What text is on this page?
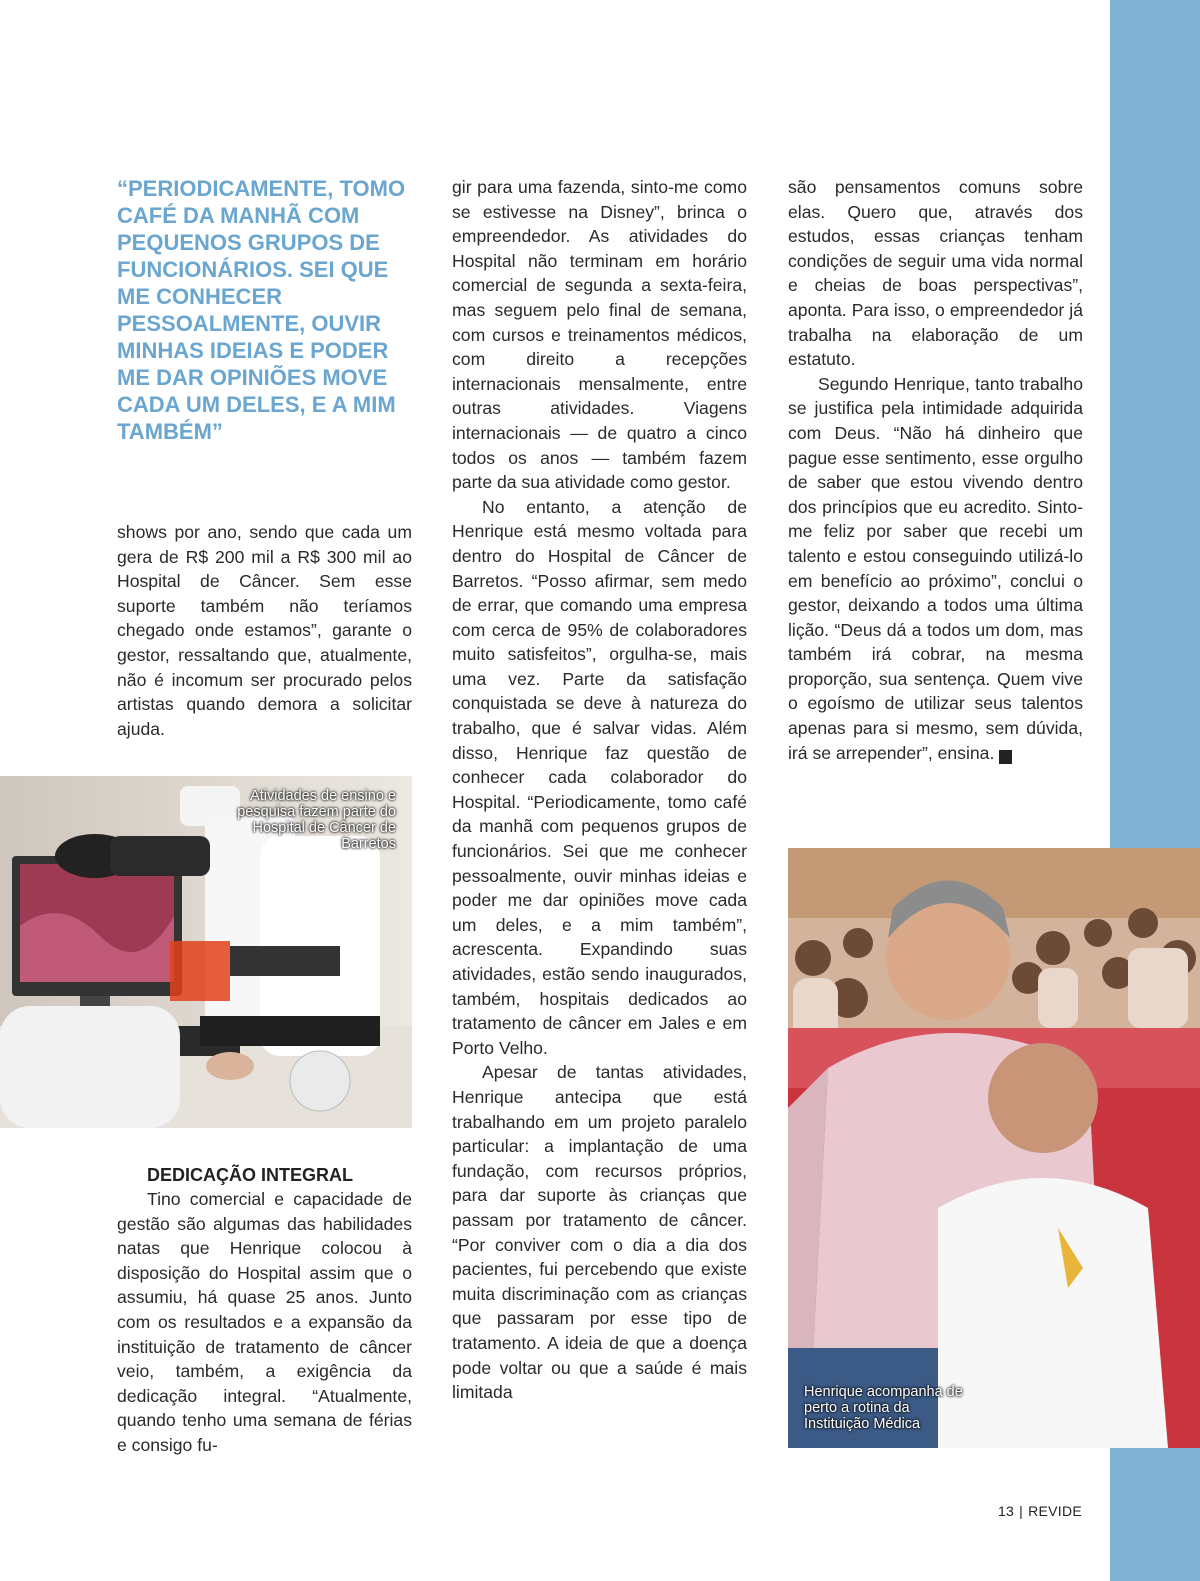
“PERIODICAMENTE, TOMO CAFÉ DA MANHÃ COM PEQUENOS GRUPOS DE FUNCIONÁRIOS. SEI QUE ME CONHECER PESSOALMENTE, OUVIR MINHAS IDEIAS E PODER ME DAR OPINIÕES MOVE CADA UM DELES, E A MIM TAMBÉM”

shows por ano, sendo que cada um gera de R$ 200 mil a R$ 300 mil ao Hospital de Câncer. Sem esse suporte também não teríamos chegado onde estamos”, garante o gestor, ressaltando que, atualmente, não é incomum ser procurado pelos artistas quando demora a solicitar ajuda.

Atividades de ensino e pesquisa fazem parte do Hospital de Câncer de Barretos

DEDICAÇÃO INTEGRAL

Tino comercial e capacidade de gestão são algumas das habilidades natas que Henrique colocou à disposição do Hospital assim que o assumiu, há quase 25 anos. Junto com os resultados e a expansão da instituição de tratamento de câncer veio, também, a exigência da dedicação integral. “Atualmente, quando tenho uma semana de férias e consigo fu-

gir para uma fazenda, sinto-me como se estivesse na Disney”, brinca o empreendedor. As atividades do Hospital não terminam em horário comercial de segunda a sexta-feira, mas seguem pelo final de semana, com cursos e treinamentos médicos, com direito a recepções internacionais mensalmente, entre outras atividades. Viagens internacionais — de quatro a cinco todos os anos — também fazem parte da sua atividade como gestor.

No entanto, a atenção de Henrique está mesmo voltada para dentro do Hospital de Câncer de Barretos. “Posso afirmar, sem medo de errar, que comando uma empresa com cerca de 95% de colaboradores muito satisfeitos”, orgulha-se, mais uma vez. Parte da satisfação conquistada se deve à natureza do trabalho, que é salvar vidas. Além disso, Henrique faz questão de conhecer cada colaborador do Hospital. “Periodicamente, tomo café da manhã com pequenos grupos de funcionários. Sei que me conhecer pessoalmente, ouvir minhas ideias e poder me dar opiniões move cada um deles, e a mim também”, acrescenta. Expandindo suas atividades, estão sendo inaugurados, também, hospitais dedicados ao tratamento de câncer em Jales e em Porto Velho.

Apesar de tantas atividades, Henrique antecipa que está trabalhando em um projeto paralelo particular: a implantação de uma fundação, com recursos próprios, para dar suporte às crianças que passam por tratamento de câncer. “Por conviver com o dia a dia dos pacientes, fui percebendo que existe muita discriminação com as crianças que passaram por esse tipo de tratamento. A ideia de que a doença pode voltar ou que a saúde é mais limitada

são pensamentos comuns sobre elas. Quero que, através dos estudos, essas crianças tenham condições de seguir uma vida normal e cheias de boas perspectivas”, aponta. Para isso, o empreendedor já trabalha na elaboração de um estatuto.

Segundo Henrique, tanto trabalho se justifica pela intimidade adquirida com Deus. “Não há dinheiro que pague esse sentimento, esse orgulho de saber que estou vivendo dentro dos princípios que eu acredito. Sinto-me feliz por saber que recebi um talento e estou conseguindo utilizá-lo em benefício ao próximo”, conclui o gestor, deixando a todos uma última lição. “Deus dá a todos um dom, mas também irá cobrar, na mesma proporção, sua sentença. Quem vive o egoísmo de utilizar seus talentos apenas para si mesmo, sem dúvida, irá se arrepender”, ensina.	r

Henrique acompanha de perto a rotina da Instituição Médica

13 | REVIDE
